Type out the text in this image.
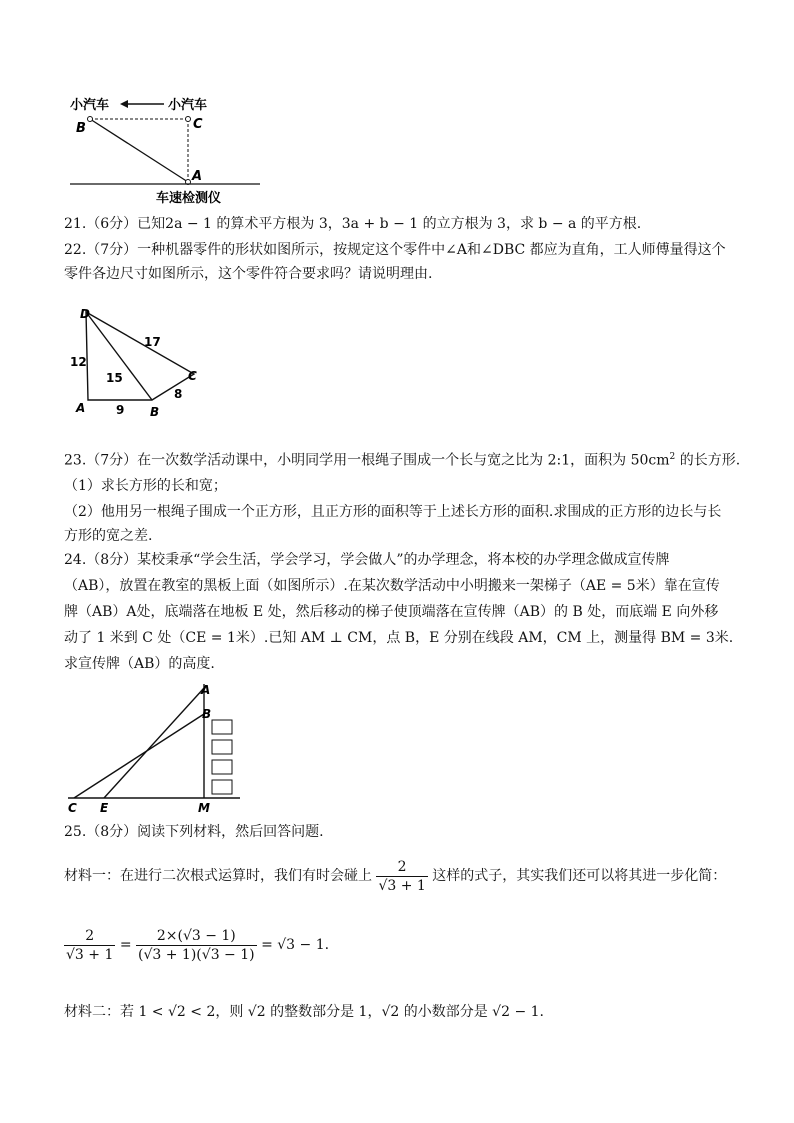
小汽车	小汽车
B	C
A
车速检测仪
21.（6分）已知2a − 1 的算术平方根为 3，3a + b − 1 的立方根为 3，求 b − a 的平方根.
22.（7分）一种机器零件的形状如图所示，按规定这个零件中∠A和∠DBC 都应为直角，工人师傅量得这个
零件各边尺寸如图所示，这个零件符合要求吗？请说明理由.
D
A	B
C
12
17
15
9
8
23.（7分）在一次数学活动课中，小明同学用一根绳子围成一个长与宽之比为 2:1，面积为 $50cm^2$ 的长方形.
（1）求长方形的长和宽；
（2）他用另一根绳子围成一个正方形，且正方形的面积等于上述长方形的面积.求围成的正方形的边长与长
方形的宽之差.
24.（8分）某校秉承“学会生活，学会学习，学会做人”的办学理念，将本校的办学理念做成宣传牌
（AB），放置在教室的黑板上面（如图所示）.在某次数学活动中小明搬来一架梯子（AE = 5米）靠在宣传
牌（AB）A处，底端落在地板 E 处，然后移动的梯子使顶端落在宣传牌（AB）的 B 处，而底端 E 向外移
动了 1 米到 C 处（CE = 1米）.已知 AM ⊥ CM，点 B，E 分别在线段 AM，CM 上，测量得 BM = 3米.
求宣传牌（AB）的高度.
A
B
C E	M
25.（8分）阅读下列材料，然后回答问题.
材料一：在进行二次根式运算时，我们有时会碰上 $\frac{2}{√3 + 1}$ 这样的式子，其实我们还可以将其进一步化简：
$\frac{2}{√3 + 1} = \frac{2\times(√3 - 1)}{(√3 + 1)(√3 - 1)} = √3 - 1$.
材料二：若 1 < √2 < 2，则 √2 的整数部分是 1，√2 的小数部分是 √2 − 1.
